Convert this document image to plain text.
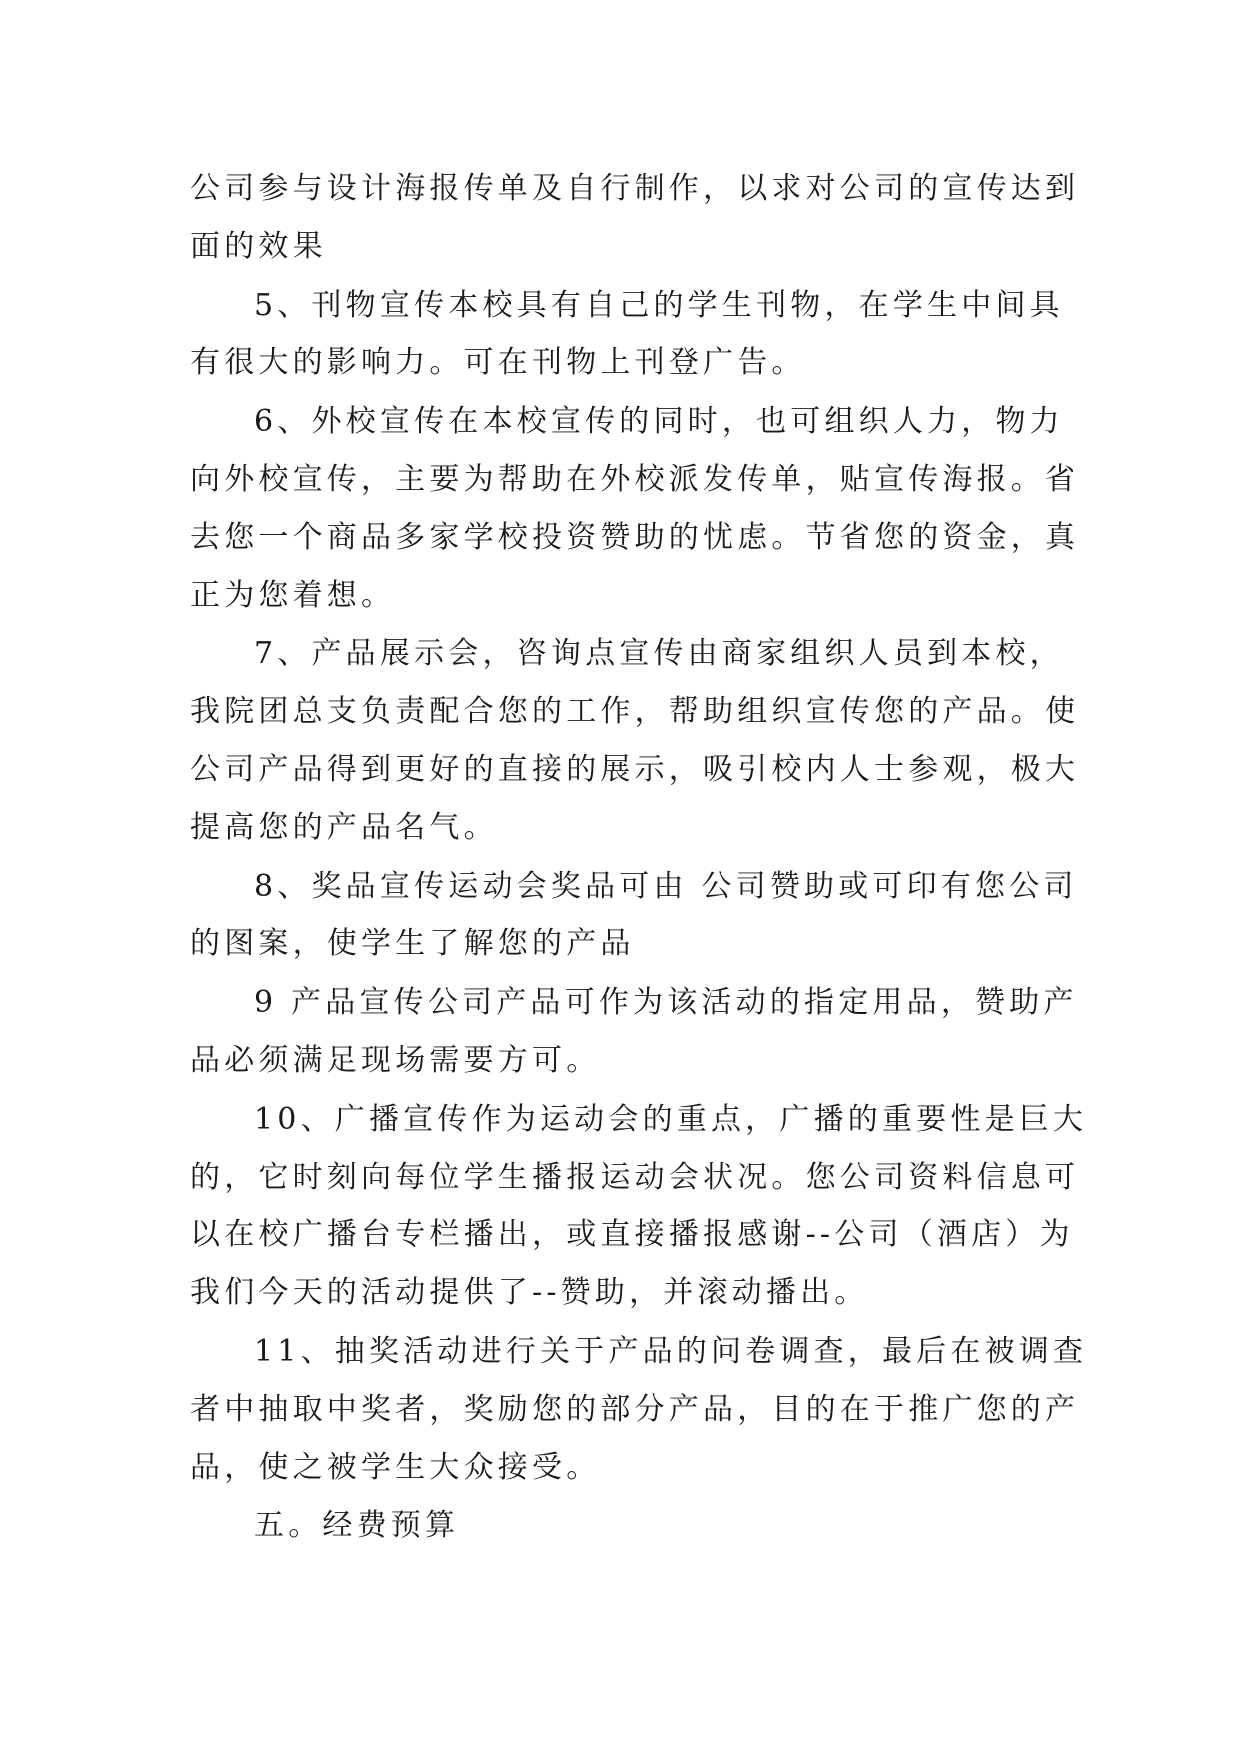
公司参与设计海报传单及自行制作，以求对公司的宣传达到
面的效果
5、刊物宣传本校具有自己的学生刊物，在学生中间具
有很大的影响力。可在刊物上刊登广告。
6、外校宣传在本校宣传的同时，也可组织人力，物力
向外校宣传，主要为帮助在外校派发传单，贴宣传海报。省
去您一个商品多家学校投资赞助的忧虑。节省您的资金，真
正为您着想。
7、产品展示会，咨询点宣传由商家组织人员到本校，
我院团总支负责配合您的工作，帮助组织宣传您的产品。使
公司产品得到更好的直接的展示，吸引校内人士参观，极大
提高您的产品名气。
8、奖品宣传运动会奖品可由 公司赞助或可印有您公司
的图案，使学生了解您的产品
9 产品宣传公司产品可作为该活动的指定用品，赞助产
品必须满足现场需要方可。
10、广播宣传作为运动会的重点，广播的重要性是巨大
的，它时刻向每位学生播报运动会状况。您公司资料信息可
以在校广播台专栏播出，或直接播报感谢--公司（酒店）为
我们今天的活动提供了--赞助，并滚动播出。
11、抽奖活动进行关于产品的问卷调查，最后在被调查
者中抽取中奖者，奖励您的部分产品，目的在于推广您的产
品，使之被学生大众接受。
五。经费预算
